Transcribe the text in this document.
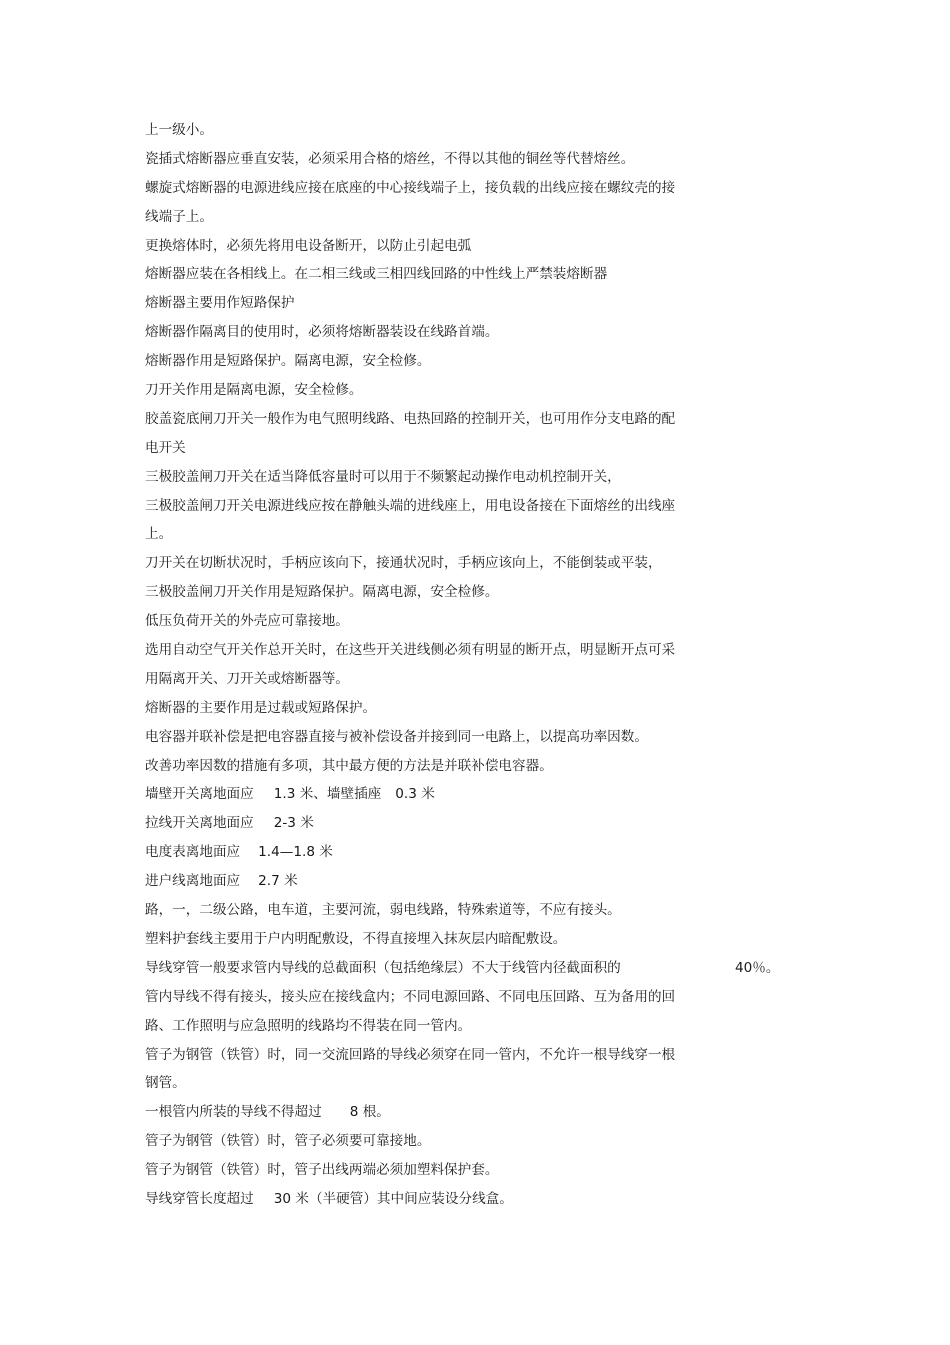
上一级小。
瓷插式熔断器应垂直安装，必须采用合格的熔丝，不得以其他的铜丝等代替熔丝。
螺旋式熔断器的电源进线应接在底座的中心接线端子上，接负载的出线应接在螺纹壳的接
线端子上。
更换熔体时，必须先将用电设备断开，以防止引起电弧
熔断器应装在各相线上。在二相三线或三相四线回路的中性线上严禁装熔断器
熔断器主要用作短路保护
熔断器作隔离目的使用时，必须将熔断器装设在线路首端。
熔断器作用是短路保护。隔离电源，安全检修。
刀开关作用是隔离电源，安全检修。
胶盖瓷底闸刀开关一般作为电气照明线路、电热回路的控制开关，也可用作分支电路的配
电开关
三极胶盖闸刀开关在适当降低容量时可以用于不频繁起动操作电动机控制开关，
三极胶盖闸刀开关电源进线应按在静触头端的进线座上，用电设备接在下面熔丝的出线座
上。
刀开关在切断状况时，手柄应该向下，接通状况时，手柄应该向上，不能倒装或平装，
三极胶盖闸刀开关作用是短路保护。隔离电源，安全检修。
低压负荷开关的外壳应可靠接地。
选用自动空气开关作总开关时，在这些开关进线侧必须有明显的断开点，明显断开点可采
用隔离开关、刀开关或熔断器等。
熔断器的主要作用是过载或短路保护。
电容器并联补偿是把电容器直接与被补偿设备并接到同一电路上，以提高功率因数。
改善功率因数的措施有多项，其中最方便的方法是并联补偿电容器。
墙壁开关离地面应 1.3 米、墙壁插座 0.3 米
拉线开关离地面应 2-3 米
电度表离地面应 1.4—1.8 米
进户线离地面应 2.7 米
路，一，二级公路，电车道，主要河流，弱电线路，特殊索道等，不应有接头。
塑料护套线主要用于户内明配敷设，不得直接埋入抹灰层内暗配敷设。
导线穿管一般要求管内导线的总截面积（包括绝缘层）不大于线管内径截面积的	40％。
管内导线不得有接头，接头应在接线盒内；不同电源回路、不同电压回路、互为备用的回
路、工作照明与应急照明的线路均不得装在同一管内。
管子为钢管（铁管）时，同一交流回路的导线必须穿在同一管内，不允许一根导线穿一根
钢管。
一根管内所装的导线不得超过 8 根。
管子为钢管（铁管）时，管子必须要可靠接地。
管子为钢管（铁管）时，管子出线两端必须加塑料保护套。
导线穿管长度超过 30 米（半硬管）其中间应装设分线盒。
